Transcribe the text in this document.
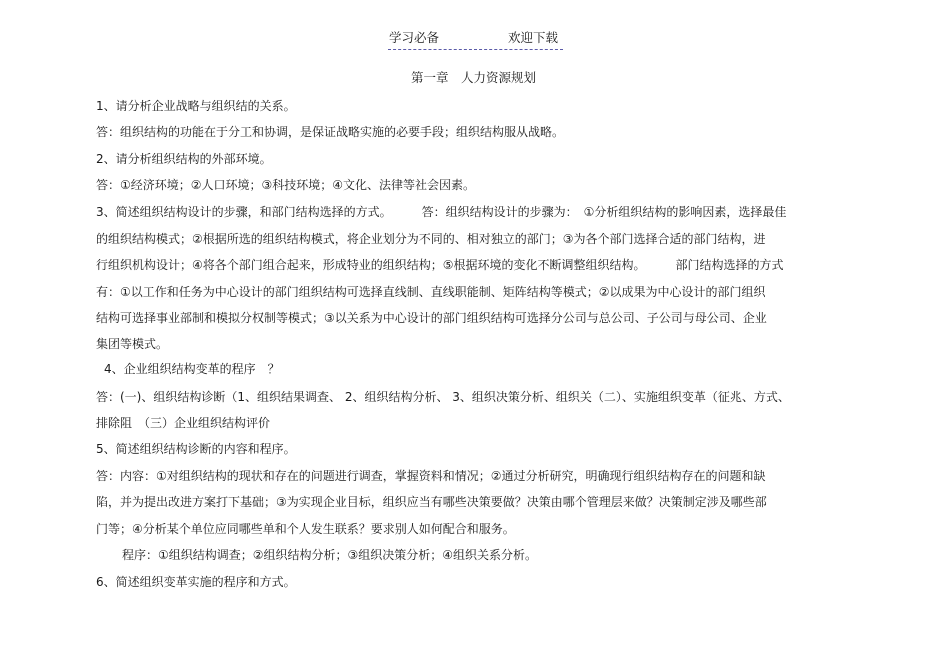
学习必备	欢迎下载
第一章　人力资源规划
1、请分析企业战略与组织结的关系。
答：组织结构的功能在于分工和协调，是保证战略实施的必要手段；组织结构服从战略。
2、请分析组织结构的外部环境。
答：①经济环境；②人口环境；③科技环境；④文化、法律等社会因素。
3、简述组织结构设计的步骤，和部门结构选择的方式。　　　答：组织结构设计的步骤为：　①分析组织结构的影响因素，选择最佳
的组织结构模式；②根据所选的组织结构模式，将企业划分为不同的、相对独立的部门；③为各个部门选择合适的部门结构，进
行组织机构设计；④将各个部门组合起来，形成特业的组织结构；⑤根据环境的变化不断调整组织结构。　　　部门结构选择的方式
有：①以工作和任务为中心设计的部门组织结构可选择直线制、直线职能制、矩阵结构等模式；②以成果为中心设计的部门组织
结构可选择事业部制和模拟分权制等模式；③以关系为中心设计的部门组织结构可选择分公司与总公司、子公司与母公司、企业
集团等模式。
4、企业组织结构变革的程序　？
答：(一)、组织结构诊断（1、组织结果调查、 2、组织结构分析、 3、组织决策分析、组织关（二）、实施组织变革（征兆、方式、
排除阻　（三）企业组织结构评价
5、简述组织结构诊断的内容和程序。
答：内容：①对组织结构的现状和存在的问题进行调查，掌握资料和情况；②通过分析研究，明确现行组织结构存在的问题和缺
陷，并为提出改进方案打下基础；③为实现企业目标，组织应当有哪些决策要做？决策由哪个管理层来做？决策制定涉及哪些部
门等；④分析某个单位应同哪些单和个人发生联系？要求别人如何配合和服务。
程序：①组织结构调查；②组织结构分析；③组织决策分析；④组织关系分析。
6、简述组织变革实施的程序和方式。
